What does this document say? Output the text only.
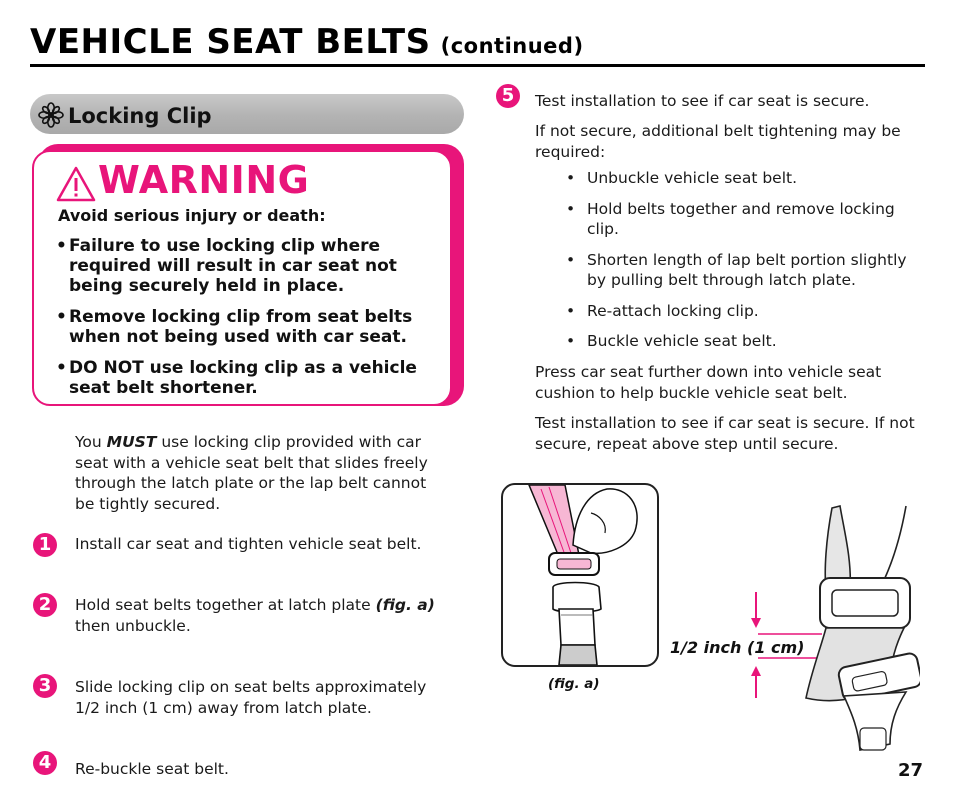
VEHICLE SEAT BELTS (continued)
Locking Clip
WARNING
Avoid serious injury or death:
• Failure to use locking clip where required will result in car seat not being securely held in place.
• Remove locking clip from seat belts when not being used with car seat.
• DO NOT use locking clip as a vehicle seat belt shortener.
You MUST use locking clip provided with car seat with a vehicle seat belt that slides freely through the latch plate or the lap belt cannot be tightly secured.
1	Install car seat and tighten vehicle seat belt.
2	Hold seat belts together at latch plate (fig. a)
then unbuckle.
3	Slide locking clip on seat belts approximately 1/2 inch (1 cm) away from latch plate.
4	Re-buckle seat belt.
5	Test installation to see if car seat is secure.
If not secure, additional belt tightening may be required:
• Unbuckle vehicle seat belt.
• Hold belts together and remove locking clip.
• Shorten length of lap belt portion slightly by pulling belt through latch plate.
• Re-attach locking clip.
• Buckle vehicle seat belt.
Press car seat further down into vehicle seat cushion to help buckle vehicle seat belt.
Test installation to see if car seat is secure. If not secure, repeat above step until secure.
(fig. a)
1/2 inch (1 cm)
27
